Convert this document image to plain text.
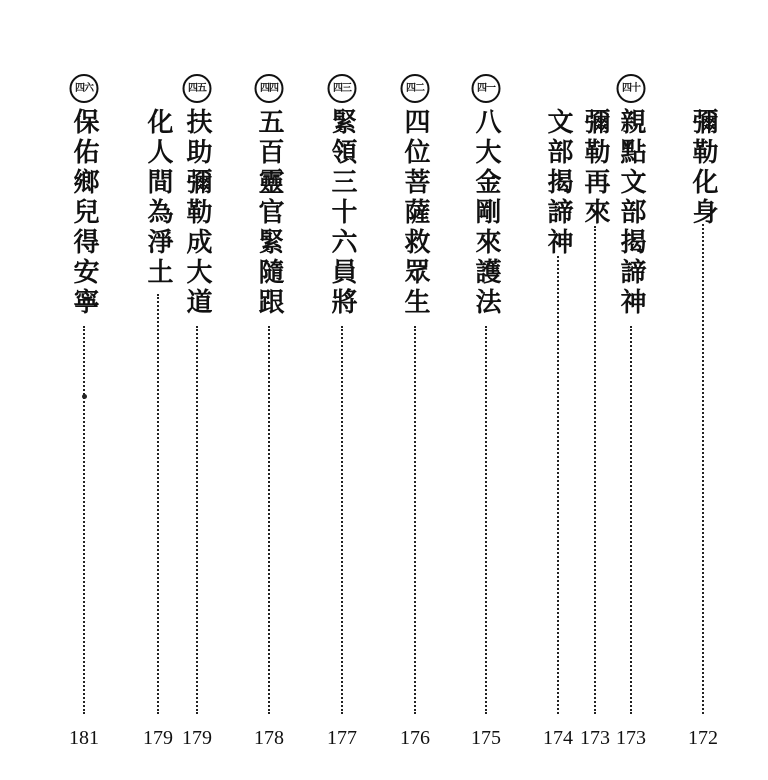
彌勒化身
172
四十
親點文部揭諦神
173
彌勒再來
173
文部揭諦神
174
四一
八大金剛來護法
175
四二
四位菩薩救眾生
176
四三
緊領三十六員將
177
四四
五百靈官緊隨跟
178
四五
扶助彌勒成大道
179
化人間為淨土
179
四六
保佑鄉兒得安寧
181
